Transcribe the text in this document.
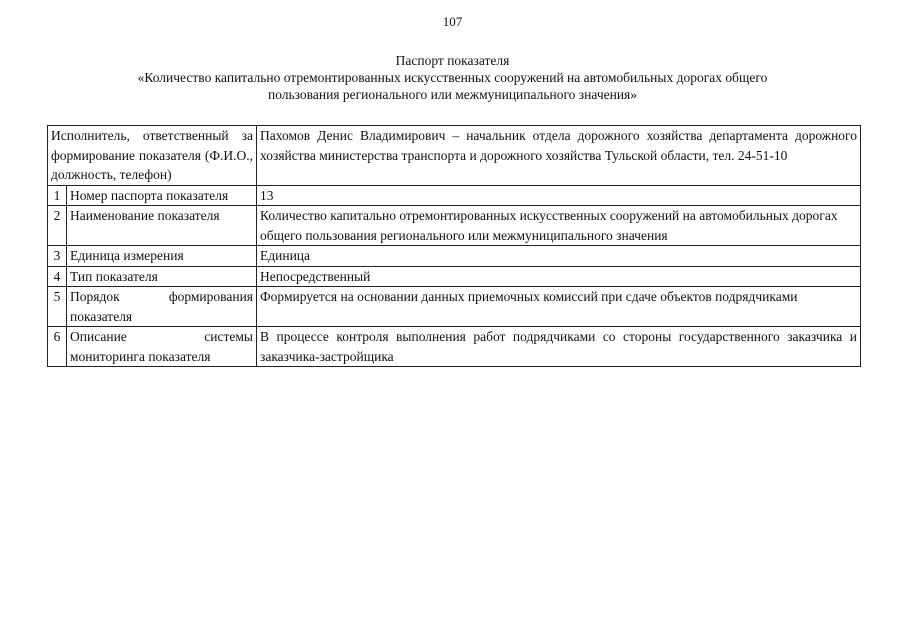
107
Паспорт показателя
«Количество капитально отремонтированных искусственных сооружений на автомобильных дорогах общего
пользования регионального или межмуниципального значения»
Исполнитель, ответственный за формирование показателя (Ф.И.О., должность, телефон)		Пахомов Денис Владимирович – начальник отдела дорожного хозяйства департамента дорожного хозяйства министерства транспорта и дорожного хозяйства Тульской области, тел. 24-51-10
1	Номер паспорта показателя	13
2	Наименование показателя	Количество капитально отремонтированных искусственных сооружений на автомобильных дорогах общего пользования регионального или межмуниципального значения
3	Единица измерения	Единица
4	Тип показателя	Непосредственный
5	Порядок формирования показателя	Формируется на основании данных приемочных комиссий при сдаче объектов подрядчиками
6	Описание системы мониторинга показателя	В процессе контроля выполнения работ подрядчиками со стороны государственного заказчика и заказчика-застройщика
